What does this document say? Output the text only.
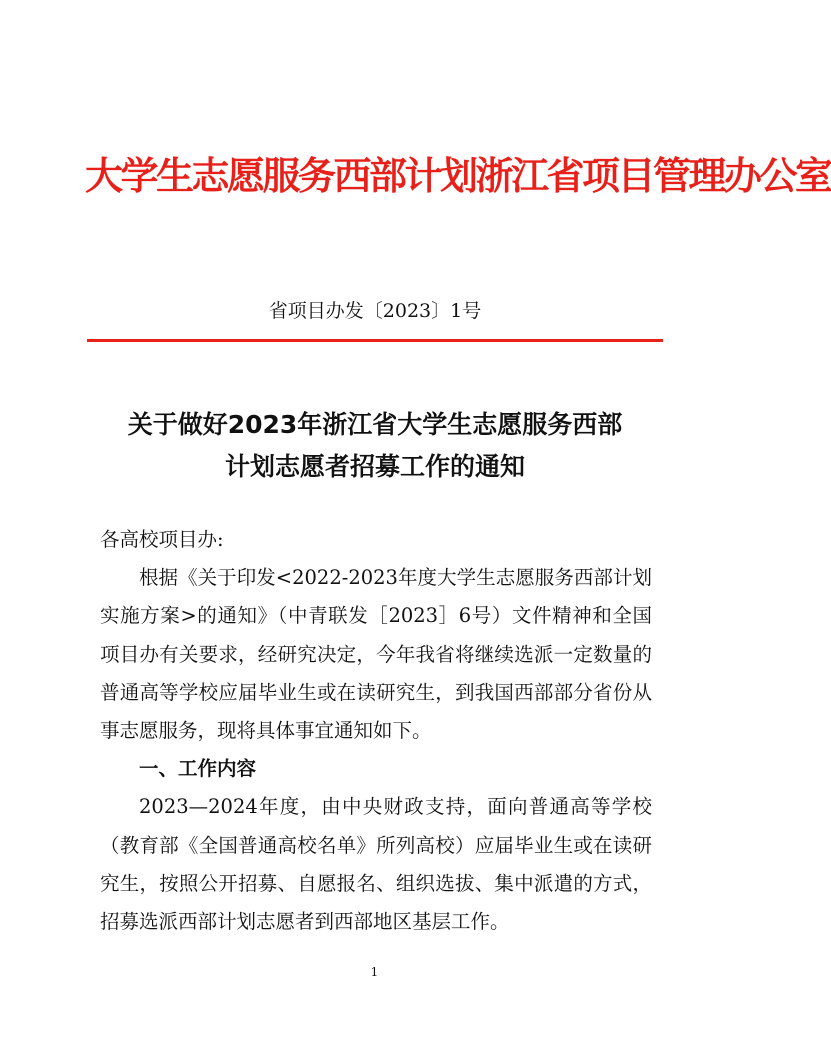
大学生志愿服务西部计划浙江省项目管理办公室
省项目办发〔2023〕1号
关于做好2023年浙江省大学生志愿服务西部
计划志愿者招募工作的通知

各高校项目办:

根据《关于印发<2022-2023年度大学生志愿服务西部计划实施方案>的通知》（中青联发［2023］6号）文件精神和全国项目办有关要求，经研究决定，今年我省将继续选派一定数量的普通高等学校应届毕业生或在读研究生，到我国西部部分省份从事志愿服务，现将具体事宜通知如下。

一、工作内容

2023—2024年度，由中央财政支持，面向普通高等学校（教育部《全国普通高校名单》所列高校）应届毕业生或在读研究生，按照公开招募、自愿报名、组织选拔、集中派遣的方式，招募选派西部计划志愿者到西部地区基层工作。

1
